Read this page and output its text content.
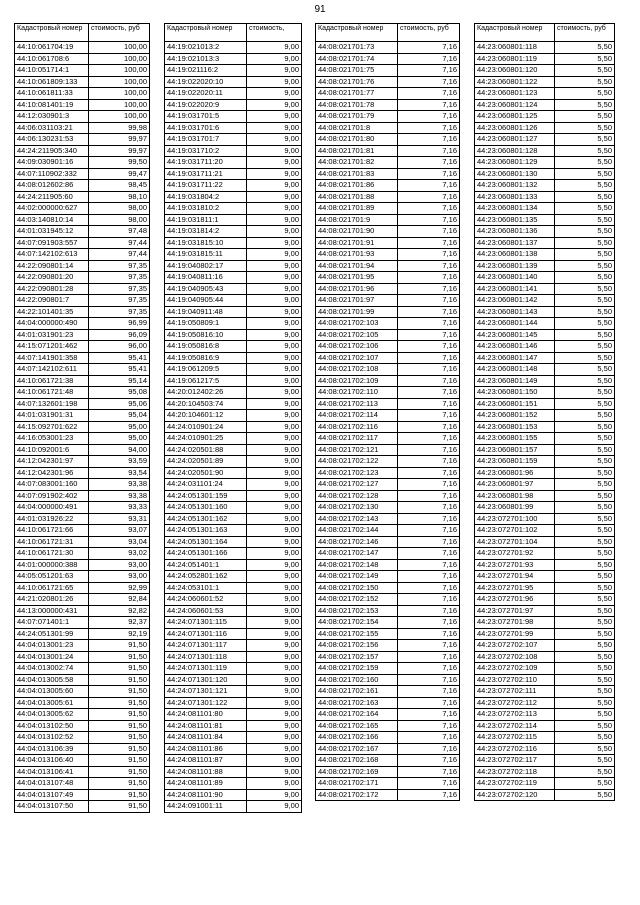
91
Кадастровый номер	стоимость, руб
44:10:061704:19	100,00
44:10:061708:6	100,00
44:10:051714:1	100,00
44:10:061809:133	100,00
44:10:061811:33	100,00
44:10:081401:19	100,00
44:12:030901:3	100,00
44:06:031103:21	99,98
44:06:130231:53	99,97
44:24:211905:340	99,97
44:09:030901:16	99,50
44:07:110902:332	99,47
44:08:012602:86	98,45
44:24:211905:60	98,10
44:02:000000:627	98,00
44:03:140810:14	98,00
44:01:031945:12	97,48
44:07:091903:557	97,44
44:07:142102:613	97,44
44:22:090801:14	97,35
44:22:090801:20	97,35
44:22:090801:28	97,35
44:22:090801:7	97,35
44:22:101401:35	97,35
44:04:000000:490	96,99
44:01:031901:23	96,09
44:15:071201:462	96,00
44:07:141901:358	95,41
44:07:142102:611	95,41
44:10:061721:38	95,14
44:10:061721:48	95,08
44:07:132601:198	95,06
44:01:031901:31	95,04
44:15:092701:622	95,00
44:16:053001:23	95,00
44:10:092001:6	94,00
44:12:042301:97	93,59
44:12:042301:96	93,54
44:07:083001:160	93,38
44:07:091902:402	93,38
44:04:000000:491	93,33
44:01:031926:22	93,31
44:10:061721:66	93,07
44:10:061721:31	93,04
44:10:061721:30	93,02
44:01:000000:388	93,00
44:05:051201:63	93,00
44:10:061721:65	92,99
44:21:020801:26	92,84
44:13:000000:431	92,82
44:07:071401:1	92,37
44:24:051301:99	92,19
44:04:013001:23	91,50
44:04:013001:24	91,50
44:04:013002:74	91,50
44:04:013005:58	91,50
44:04:013005:60	91,50
44:04:013005:61	91,50
44:04:013005:62	91,50
44:04:013102:50	91,50
44:04:013102:52	91,50
44:04:013106:39	91,50
44:04:013106:40	91,50
44:04:013106:41	91,50
44:04:013107:48	91,50
44:04:013107:49	91,50
44:04:013107:50	91,50
Кадастровый номер	стоимость,
44:19:021013:2	9,00
44:19:021013:3	9,00
44:19:021116:2	9,00
44:19:022020:10	9,00
44:19:022020:11	9,00
44:19:022020:9	9,00
44:19:031701:5	9,00
44:19:031701:6	9,00
44:19:031701:7	9,00
44:19:031710:2	9,00
44:19:031711:20	9,00
44:19:031711:21	9,00
44:19:031711:22	9,00
44:19:031804:2	9,00
44:19:031810:2	9,00
44:19:031811:1	9,00
44:19:031814:2	9,00
44:19:031815:10	9,00
44:19:031815:11	9,00
44:19:040802:17	9,00
44:19:040811:16	9,00
44:19:040905:43	9,00
44:19:040905:44	9,00
44:19:040911:48	9,00
44:19:050809:1	9,00
44:19:050816:10	9,00
44:19:050816:8	9,00
44:19:050816:9	9,00
44:19:061209:5	9,00
44:19:061217:5	9,00
44:20:012402:26	9,00
44:20:104503:74	9,00
44:20:104601:12	9,00
44:24:010901:24	9,00
44:24:010901:25	9,00
44:24:020501:88	9,00
44:24:020501:89	9,00
44:24:020501:90	9,00
44:24:031101:24	9,00
44:24:051301:159	9,00
44:24:051301:160	9,00
44:24:051301:162	9,00
44:24:051301:163	9,00
44:24:051301:164	9,00
44:24:051301:166	9,00
44:24:051401:1	9,00
44:24:052801:162	9,00
44:24:053101:1	9,00
44:24:060601:52	9,00
44:24:060601:53	9,00
44:24:071301:115	9,00
44:24:071301:116	9,00
44:24:071301:117	9,00
44:24:071301:118	9,00
44:24:071301:119	9,00
44:24:071301:120	9,00
44:24:071301:121	9,00
44:24:071301:122	9,00
44:24:081101:80	9,00
44:24:081101:81	9,00
44:24:081101:84	9,00
44:24:081101:86	9,00
44:24:081101:87	9,00
44:24:081101:88	9,00
44:24:081101:89	9,00
44:24:081101:90	9,00
44:24:091001:11	9,00
Кадастровый номер	стоимость, руб
44:08:021701:73	7,16
44:08:021701:74	7,16
44:08:021701:75	7,16
44:08:021701:76	7,16
44:08:021701:77	7,16
44:08:021701:78	7,16
44:08:021701:79	7,16
44:08:021701:8	7,16
44:08:021701:80	7,16
44:08:021701:81	7,16
44:08:021701:82	7,16
44:08:021701:83	7,16
44:08:021701:86	7,16
44:08:021701:88	7,16
44:08:021701:89	7,16
44:08:021701:9	7,16
44:08:021701:90	7,16
44:08:021701:91	7,16
44:08:021701:93	7,16
44:08:021701:94	7,16
44:08:021701:95	7,16
44:08:021701:96	7,16
44:08:021701:97	7,16
44:08:021701:99	7,16
44:08:021702:103	7,16
44:08:021702:105	7,16
44:08:021702:106	7,16
44:08:021702:107	7,16
44:08:021702:108	7,16
44:08:021702:109	7,16
44:08:021702:110	7,16
44:08:021702:113	7,16
44:08:021702:114	7,16
44:08:021702:116	7,16
44:08:021702:117	7,16
44:08:021702:121	7,16
44:08:021702:122	7,16
44:08:021702:123	7,16
44:08:021702:127	7,16
44:08:021702:128	7,16
44:08:021702:130	7,16
44:08:021702:143	7,16
44:08:021702:144	7,16
44:08:021702:146	7,16
44:08:021702:147	7,16
44:08:021702:148	7,16
44:08:021702:149	7,16
44:08:021702:150	7,16
44:08:021702:152	7,16
44:08:021702:153	7,16
44:08:021702:154	7,16
44:08:021702:155	7,16
44:08:021702:156	7,16
44:08:021702:157	7,16
44:08:021702:159	7,16
44:08:021702:160	7,16
44:08:021702:161	7,16
44:08:021702:163	7,16
44:08:021702:164	7,16
44:08:021702:165	7,16
44:08:021702:166	7,16
44:08:021702:167	7,16
44:08:021702:168	7,16
44:08:021702:169	7,16
44:08:021702:171	7,16
44:08:021702:172	7,16
Кадастровый номер	стоимость, руб
44:23:060801:118	5,50
44:23:060801:119	5,50
44:23:060801:120	5,50
44:23:060801:122	5,50
44:23:060801:123	5,50
44:23:060801:124	5,50
44:23:060801:125	5,50
44:23:060801:126	5,50
44:23:060801:127	5,50
44:23:060801:128	5,50
44:23:060801:129	5,50
44:23:060801:130	5,50
44:23:060801:132	5,50
44:23:060801:133	5,50
44:23:060801:134	5,50
44:23:060801:135	5,50
44:23:060801:136	5,50
44:23:060801:137	5,50
44:23:060801:138	5,50
44:23:060801:139	5,50
44:23:060801:140	5,50
44:23:060801:141	5,50
44:23:060801:142	5,50
44:23:060801:143	5,50
44:23:060801:144	5,50
44:23:060801:145	5,50
44:23:060801:146	5,50
44:23:060801:147	5,50
44:23:060801:148	5,50
44:23:060801:149	5,50
44:23:060801:150	5,50
44:23:060801:151	5,50
44:23:060801:152	5,50
44:23:060801:153	5,50
44:23:060801:155	5,50
44:23:060801:157	5,50
44:23:060801:159	5,50
44:23:060801:96	5,50
44:23:060801:97	5,50
44:23:060801:98	5,50
44:23:060801:99	5,50
44:23:072701:100	5,50
44:23:072701:102	5,50
44:23:072701:104	5,50
44:23:072701:92	5,50
44:23:072701:93	5,50
44:23:072701:94	5,50
44:23:072701:95	5,50
44:23:072701:96	5,50
44:23:072701:97	5,50
44:23:072701:98	5,50
44:23:072701:99	5,50
44:23:072702:107	5,50
44:23:072702:108	5,50
44:23:072702:109	5,50
44:23:072702:110	5,50
44:23:072702:111	5,50
44:23:072702:112	5,50
44:23:072702:113	5,50
44:23:072702:114	5,50
44:23:072702:115	5,50
44:23:072702:116	5,50
44:23:072702:117	5,50
44:23:072702:118	5,50
44:23:072702:119	5,50
44:23:072702:120	5,50
